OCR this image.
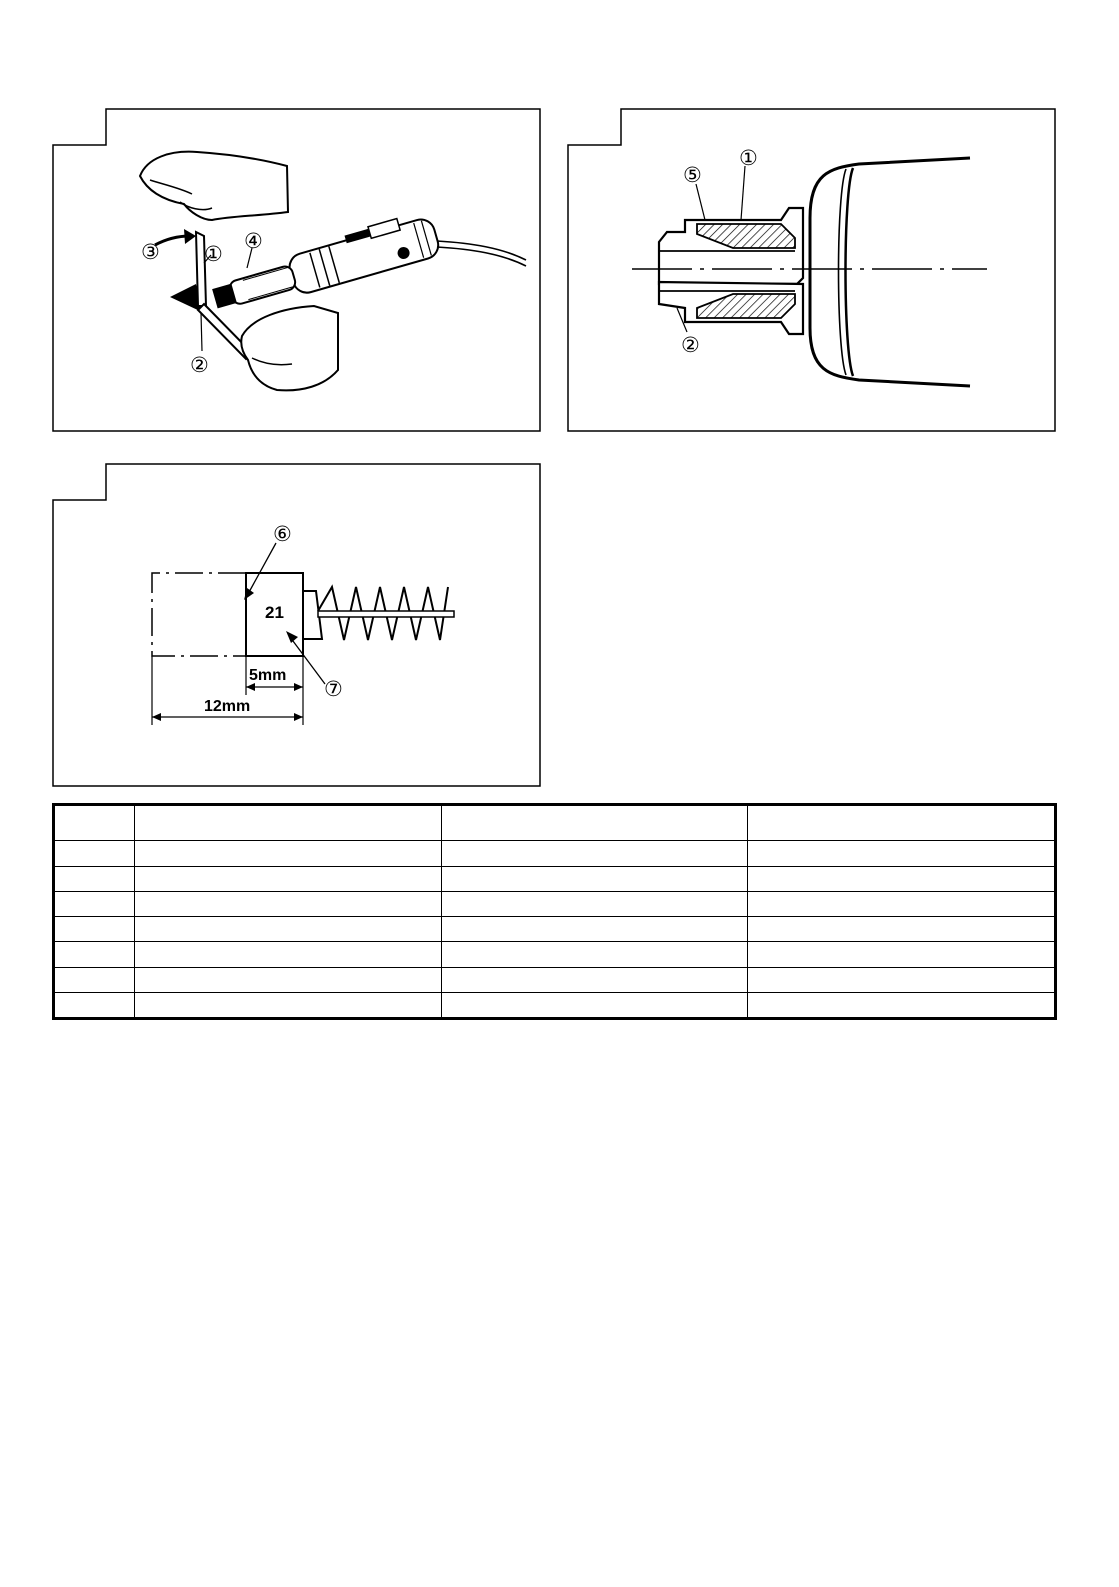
③ ①
④
②
①
⑤
②
21
5mm
12mm
⑥
⑦
